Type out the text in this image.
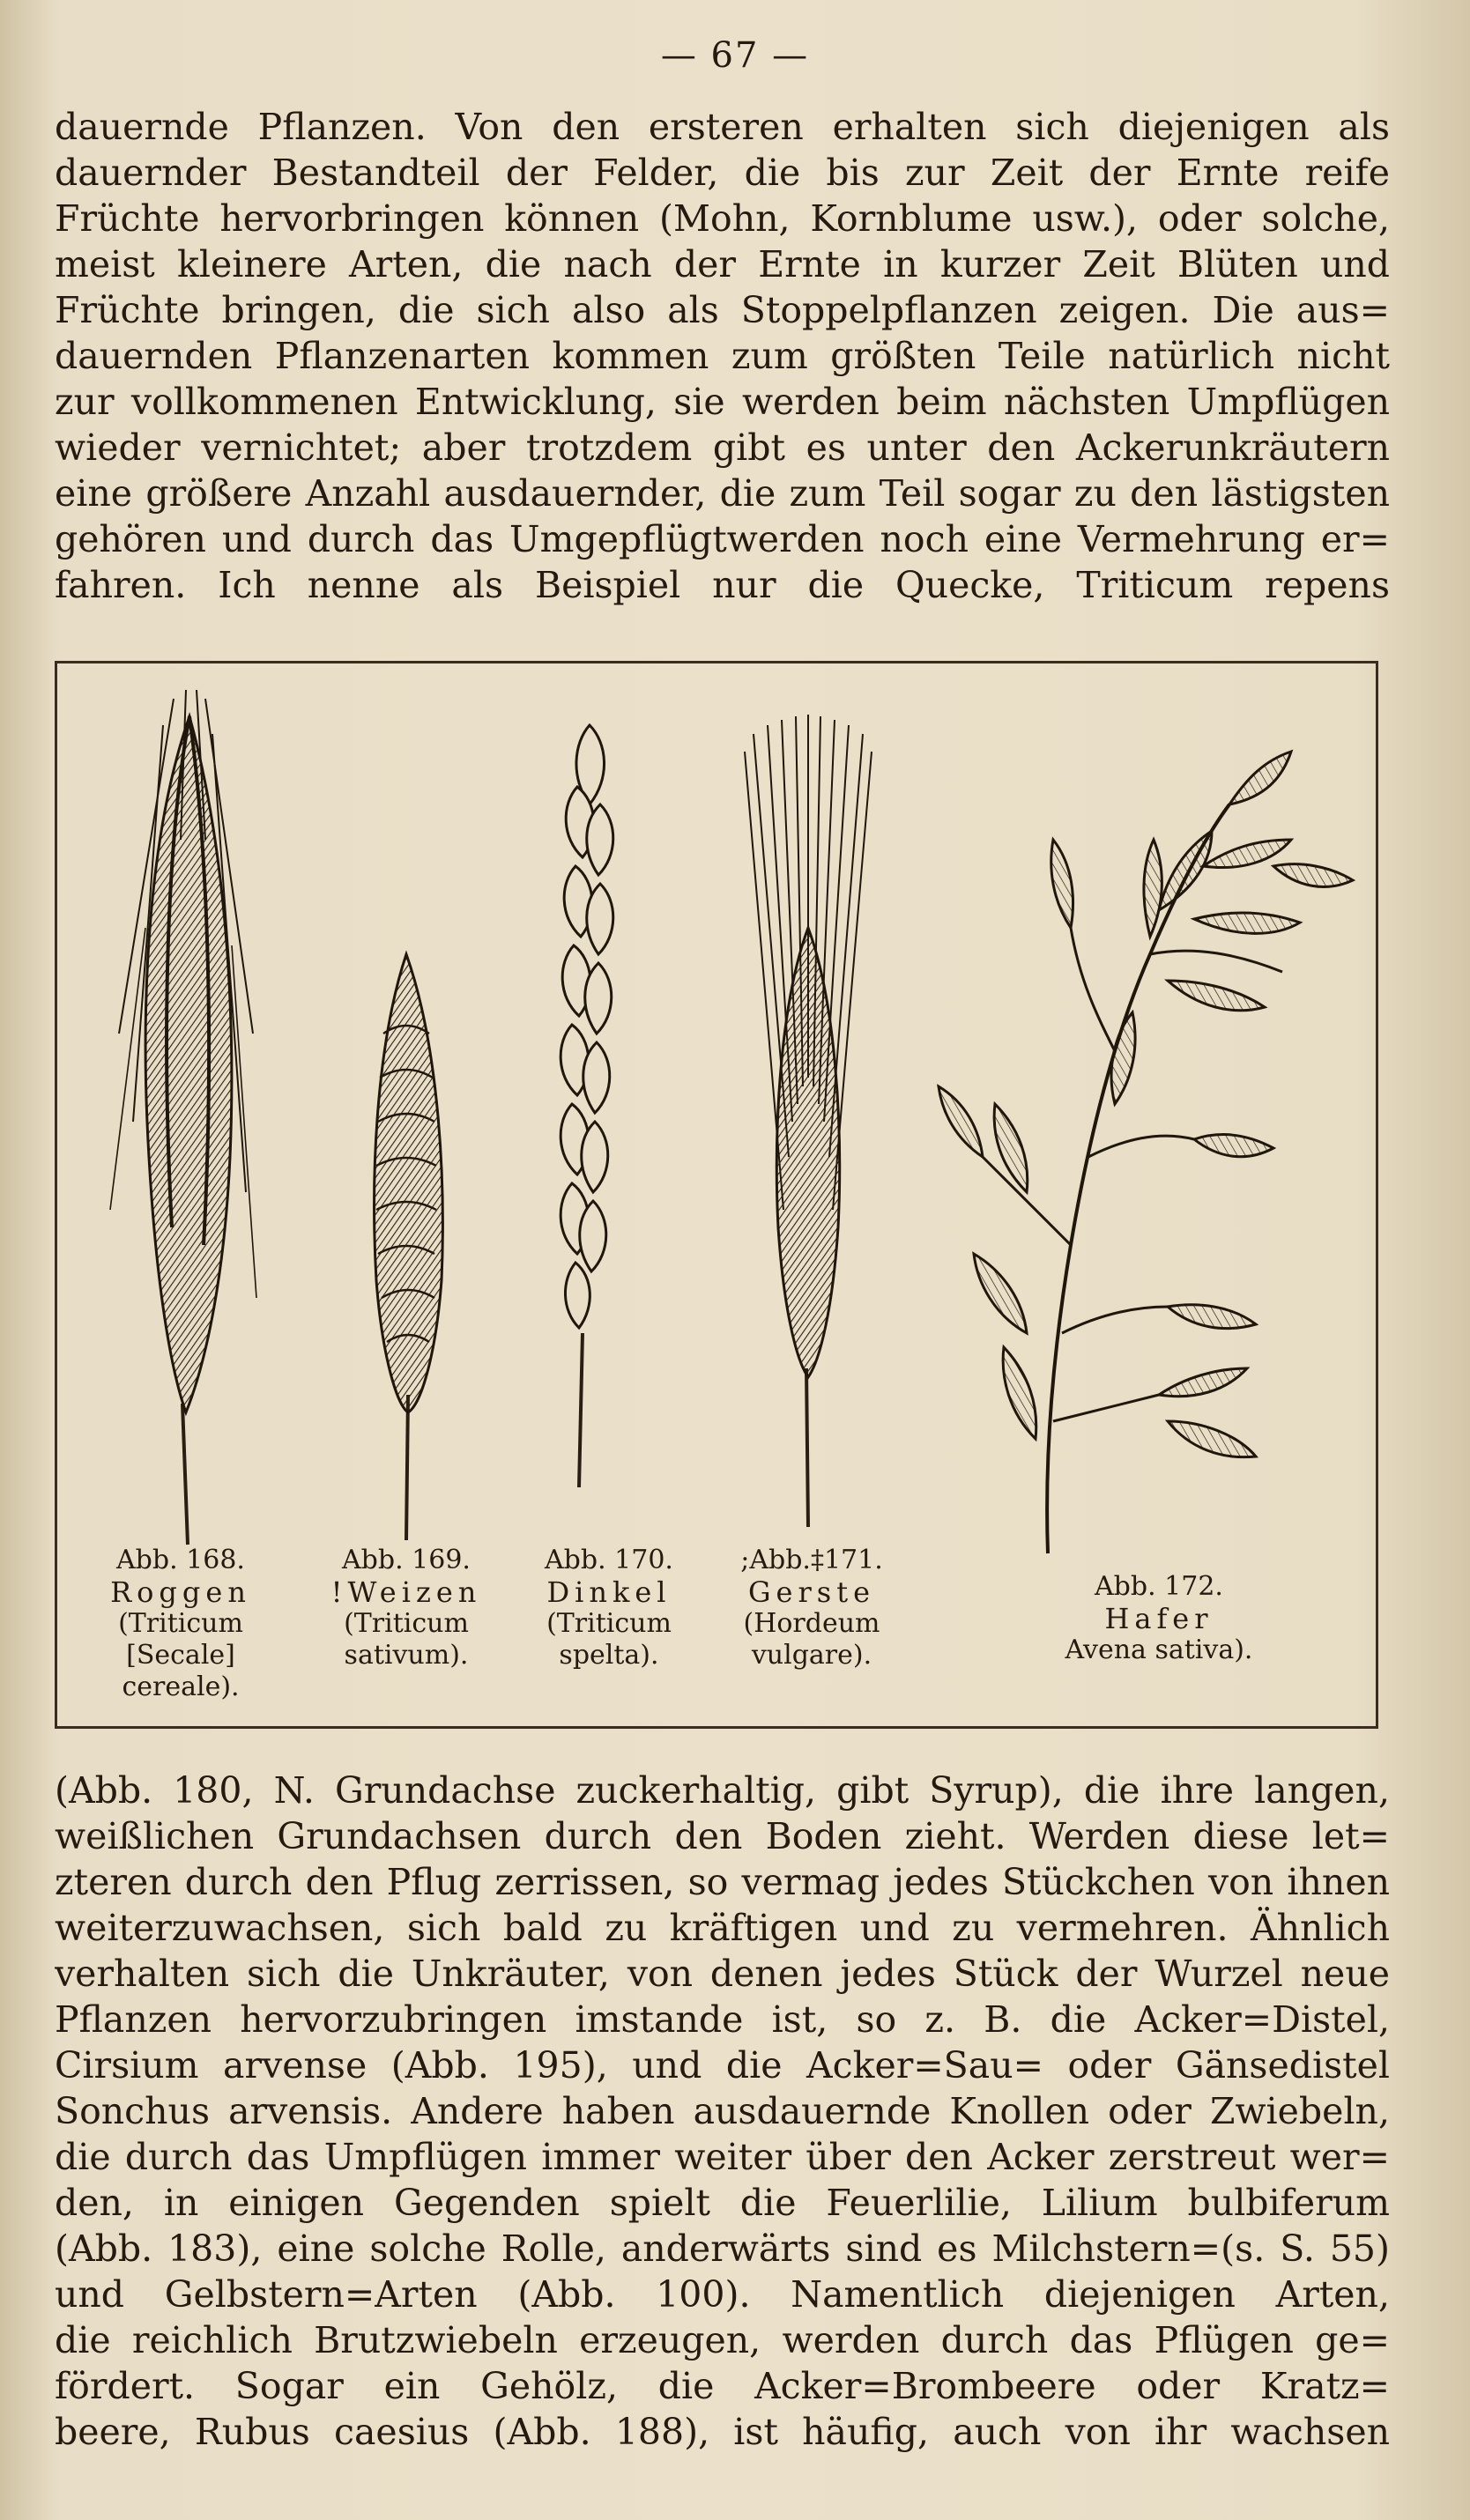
— 67 —
dauernde Pflanzen. Von den ersteren erhalten sich diejenigen als
dauernder Bestandteil der Felder, die bis zur Zeit der Ernte reife
Früchte hervorbringen können (Mohn, Kornblume usw.), oder solche,
meist kleinere Arten, die nach der Ernte in kurzer Zeit Blüten und
Früchte bringen, die sich also als Stoppelpflanzen zeigen. Die aus=
dauernden Pflanzenarten kommen zum größten Teile natürlich nicht
zur vollkommenen Entwicklung, sie werden beim nächsten Umpflügen
wieder vernichtet; aber trotzdem gibt es unter den Ackerunkräutern
eine größere Anzahl ausdauernder, die zum Teil sogar zu den lästigsten
gehören und durch das Umgepflügtwerden noch eine Vermehrung er=
fahren. Ich nenne als Beispiel nur die Quecke, Triticum repens
Abb. 168.
Roggen
(Triticum
[Secale]
cereale).
Abb. 169.
!Weizen
(Triticum
sativum).
Abb. 170.
Dinkel
(Triticum
spelta).
;Abb.‡171.
Gerste
(Hordeum
vulgare).
Abb. 172.
Hafer
Avena sativa).
(Abb. 180, N. Grundachse zuckerhaltig, gibt Syrup), die ihre langen,
weißlichen Grundachsen durch den Boden zieht. Werden diese let=
zteren durch den Pflug zerrissen, so vermag jedes Stückchen von ihnen
weiterzuwachsen, sich bald zu kräftigen und zu vermehren. Ähnlich
verhalten sich die Unkräuter, von denen jedes Stück der Wurzel neue
Pflanzen hervorzubringen imstande ist, so z. B. die Acker=Distel,
Cirsium arvense (Abb. 195), und die Acker=Sau= oder Gänsedistel
Sonchus arvensis. Andere haben ausdauernde Knollen oder Zwiebeln,
die durch das Umpflügen immer weiter über den Acker zerstreut wer=
den, in einigen Gegenden spielt die Feuerlilie, Lilium bulbiferum
(Abb. 183), eine solche Rolle, anderwärts sind es Milchstern=(s. S. 55)
und Gelbstern=Arten (Abb. 100). Namentlich diejenigen Arten,
die reichlich Brutzwiebeln erzeugen, werden durch das Pflügen ge=
fördert. Sogar ein Gehölz, die Acker=Brombeere oder Kratz=
beere, Rubus caesius (Abb. 188), ist häufig, auch von ihr wachsen
